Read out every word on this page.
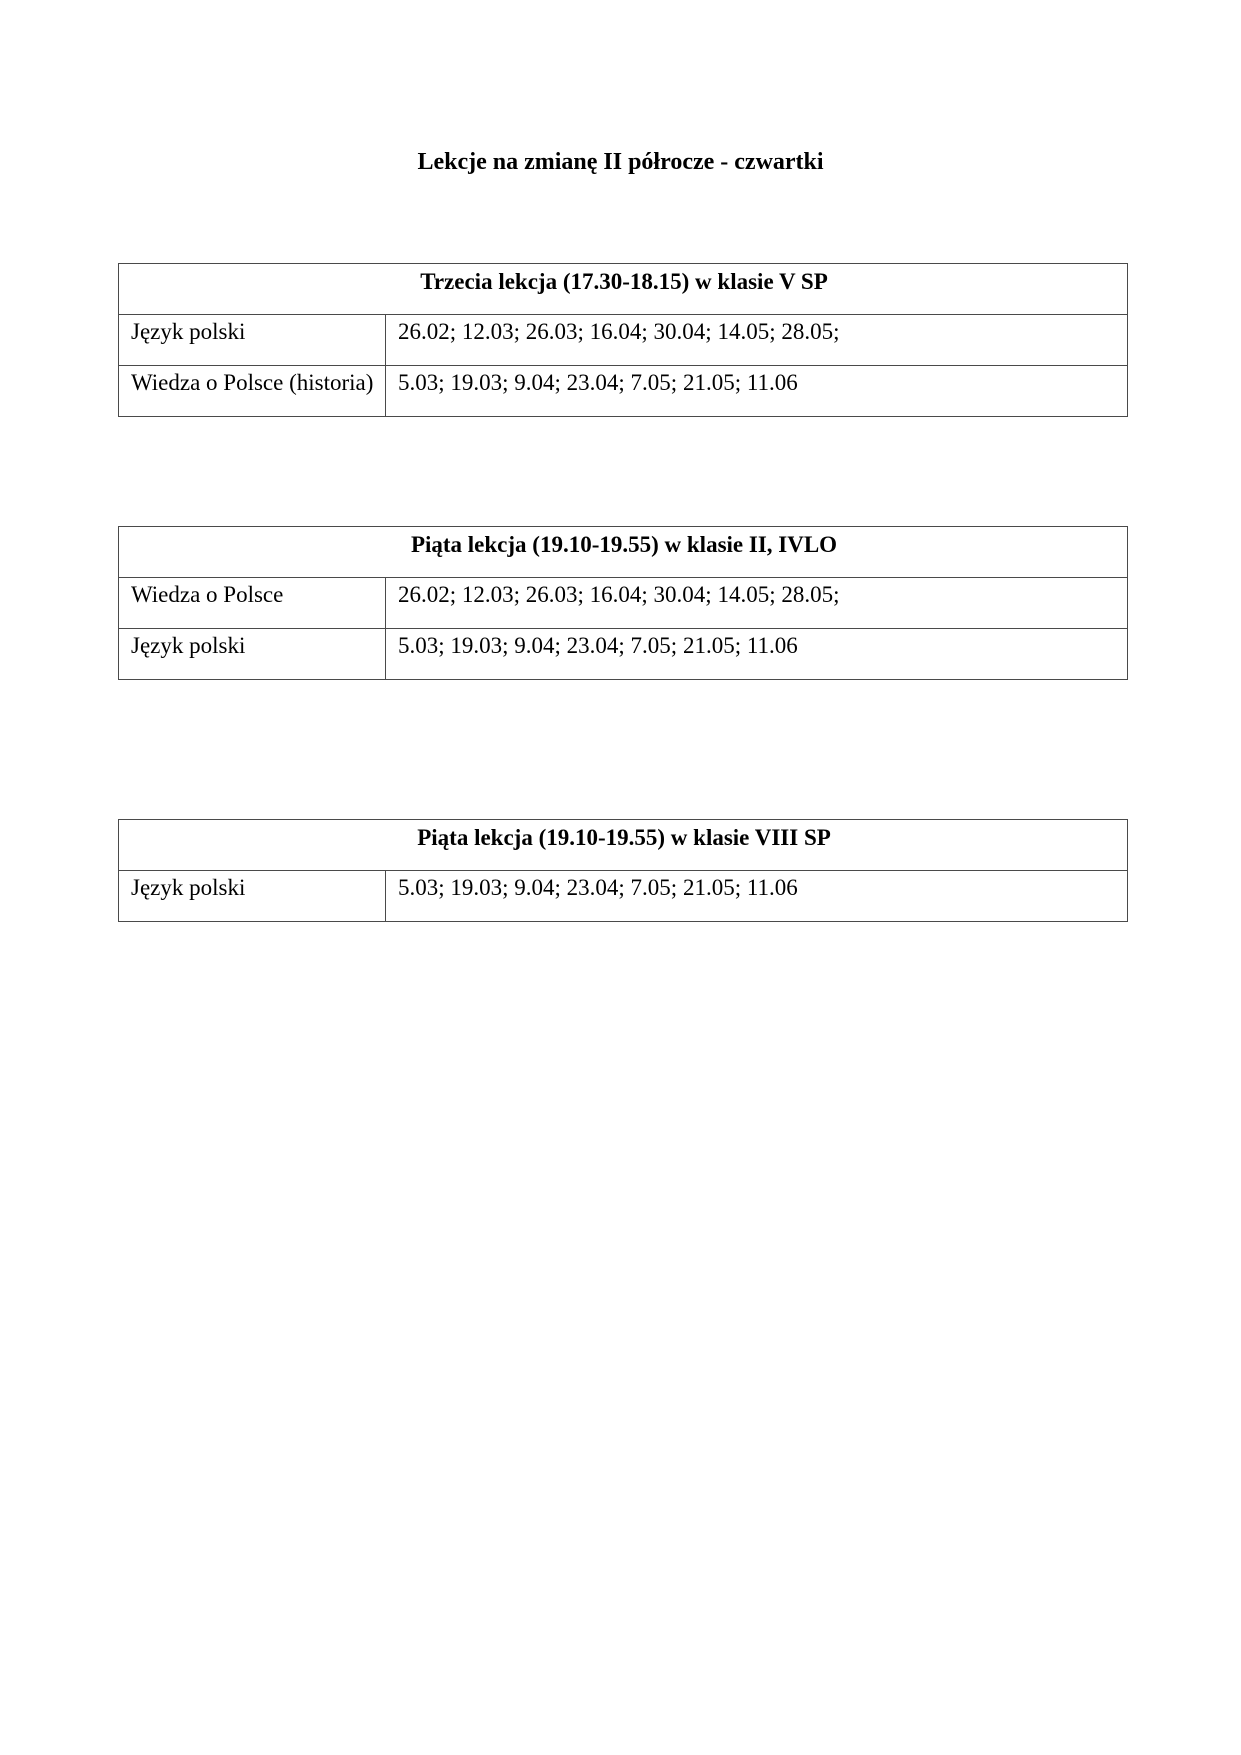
Lekcje na zmianę II półrocze - czwartki
Trzecia lekcja (17.30-18.15) w klasie V SP	
Język polski	26.02; 12.03; 26.03; 16.04; 30.04; 14.05; 28.05;
Wiedza o Polsce (historia)	5.03; 19.03; 9.04; 23.04; 7.05; 21.05; 11.06
Piąta lekcja (19.10-19.55) w klasie II, IVLO	
Wiedza o Polsce	26.02; 12.03; 26.03; 16.04; 30.04; 14.05; 28.05;
Język polski	5.03; 19.03; 9.04; 23.04; 7.05; 21.05; 11.06
Piąta lekcja (19.10-19.55) w klasie VIII SP
Język polski	5.03; 19.03; 9.04; 23.04; 7.05; 21.05; 11.06
